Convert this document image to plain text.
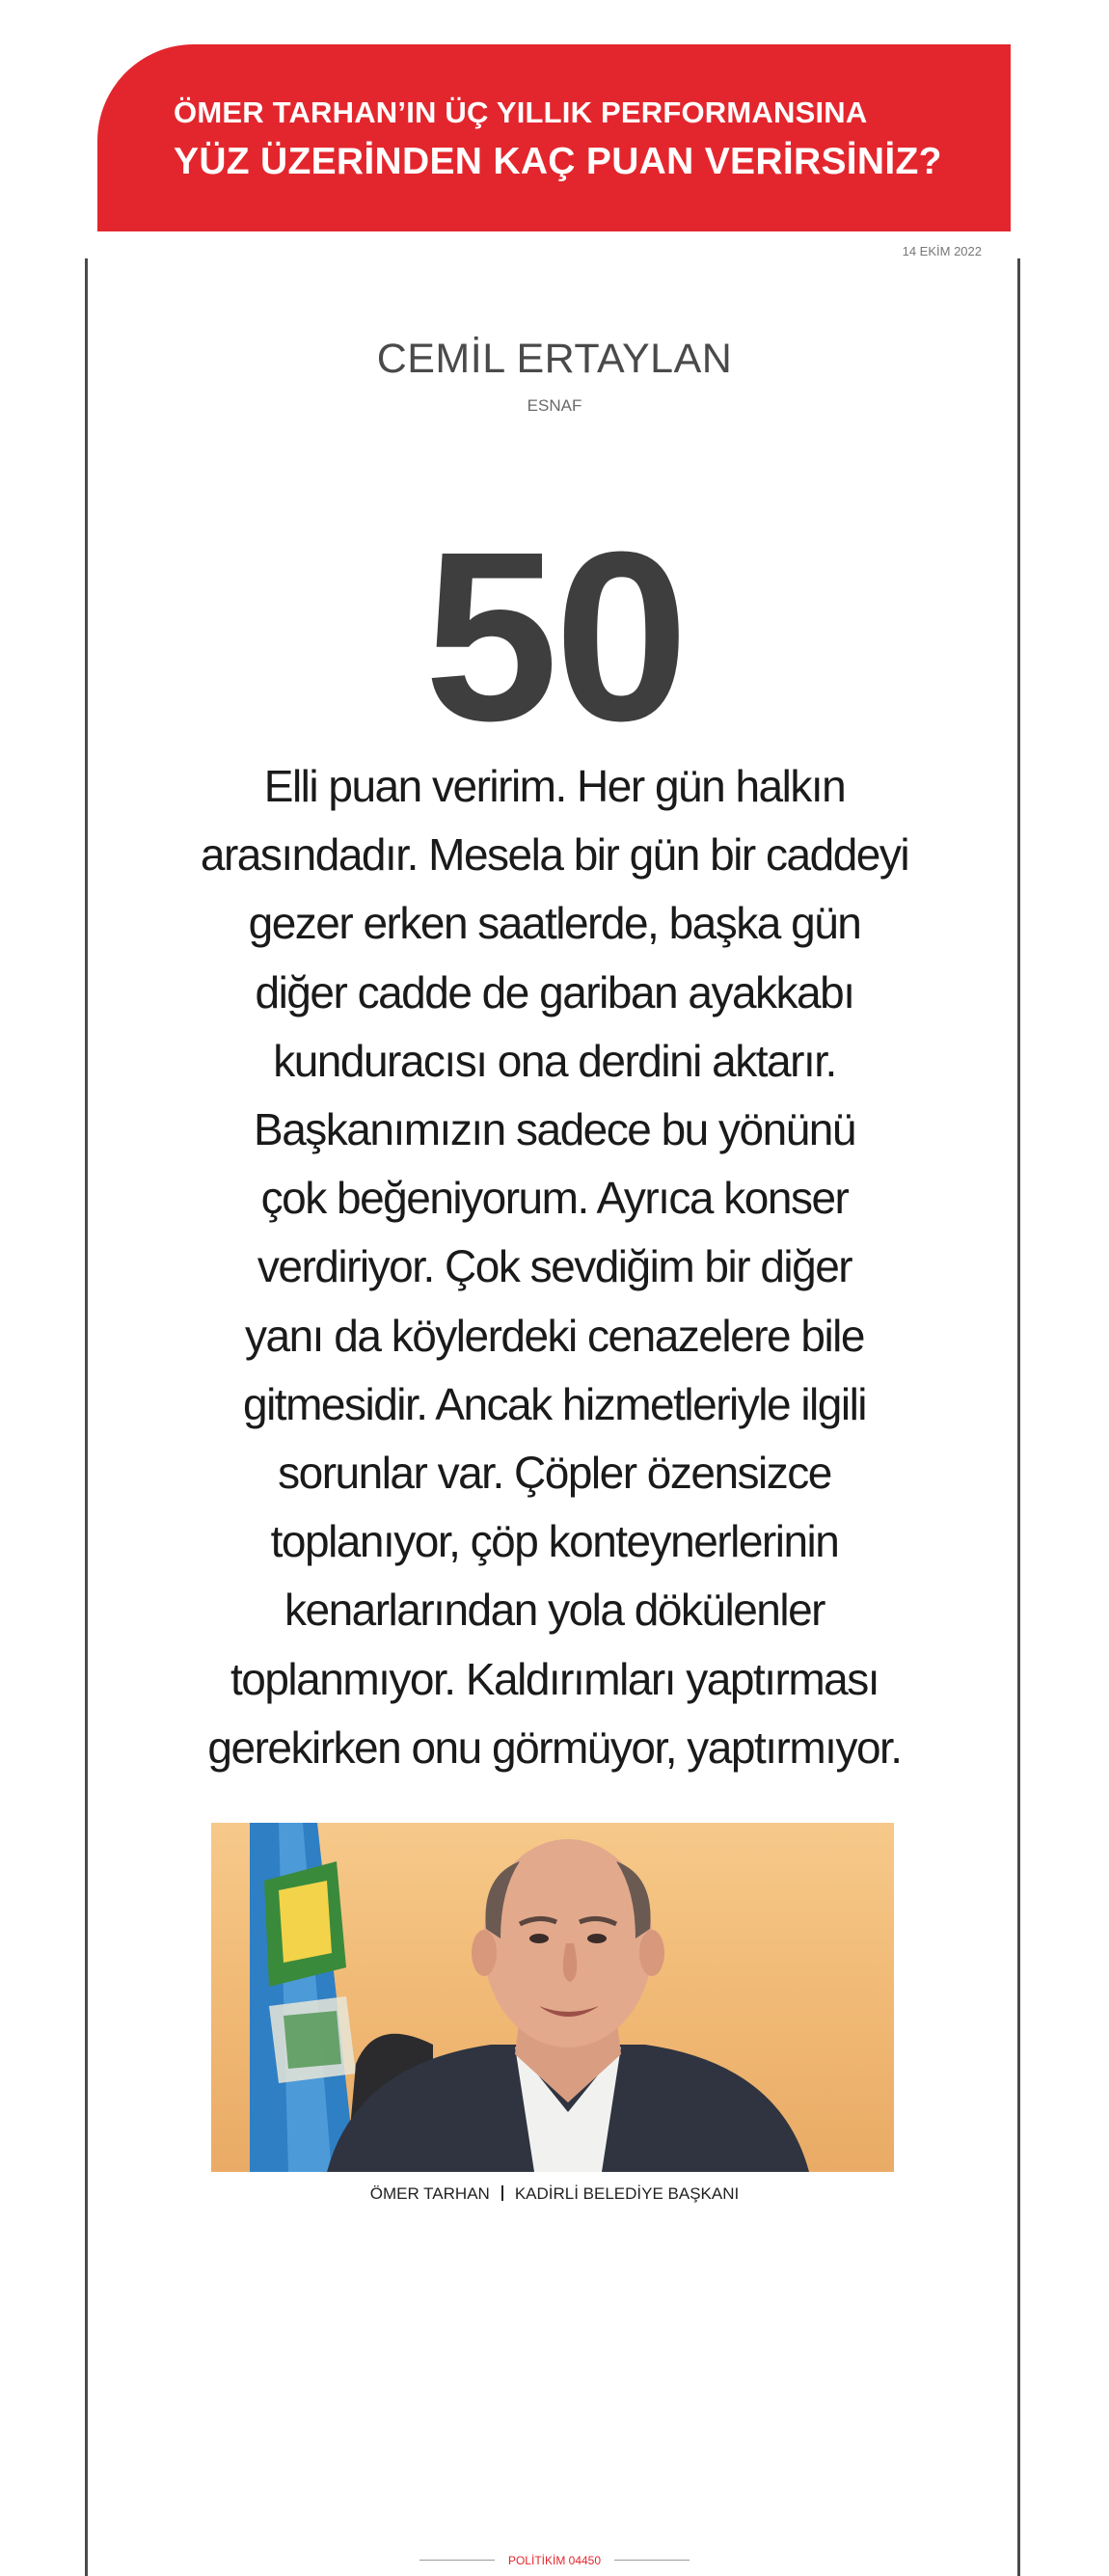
ÖMER TARHAN’IN ÜÇ YILLIK PERFORMANSINA
YÜZ ÜZERİNDEN KAÇ PUAN VERİRSİNİZ?
14 EKİM 2022
CEMİL ERTAYLAN
ESNAF
50
Elli puan veririm. Her gün halkın
arasındadır. Mesela bir gün bir caddeyi
gezer erken saatlerde, başka gün
diğer cadde de gariban ayakkabı
kunduracısı ona derdini aktarır.
Başkanımızın sadece bu yönünü
çok beğeniyorum. Ayrıca konser
verdiriyor. Çok sevdiğim bir diğer
yanı da köylerdeki cenazelere bile
gitmesidir. Ancak hizmetleriyle ilgili
sorunlar var. Çöpler özensizce
toplanıyor, çöp konteynerlerinin
kenarlarından yola dökülenler
toplanmıyor. Kaldırımları yaptırması
gerekirken onu görmüyor, yaptırmıyor.
ÖMER TARHAN KADİRLİ BELEDİYE BAŞKANI
POLİTİKİM 04450
